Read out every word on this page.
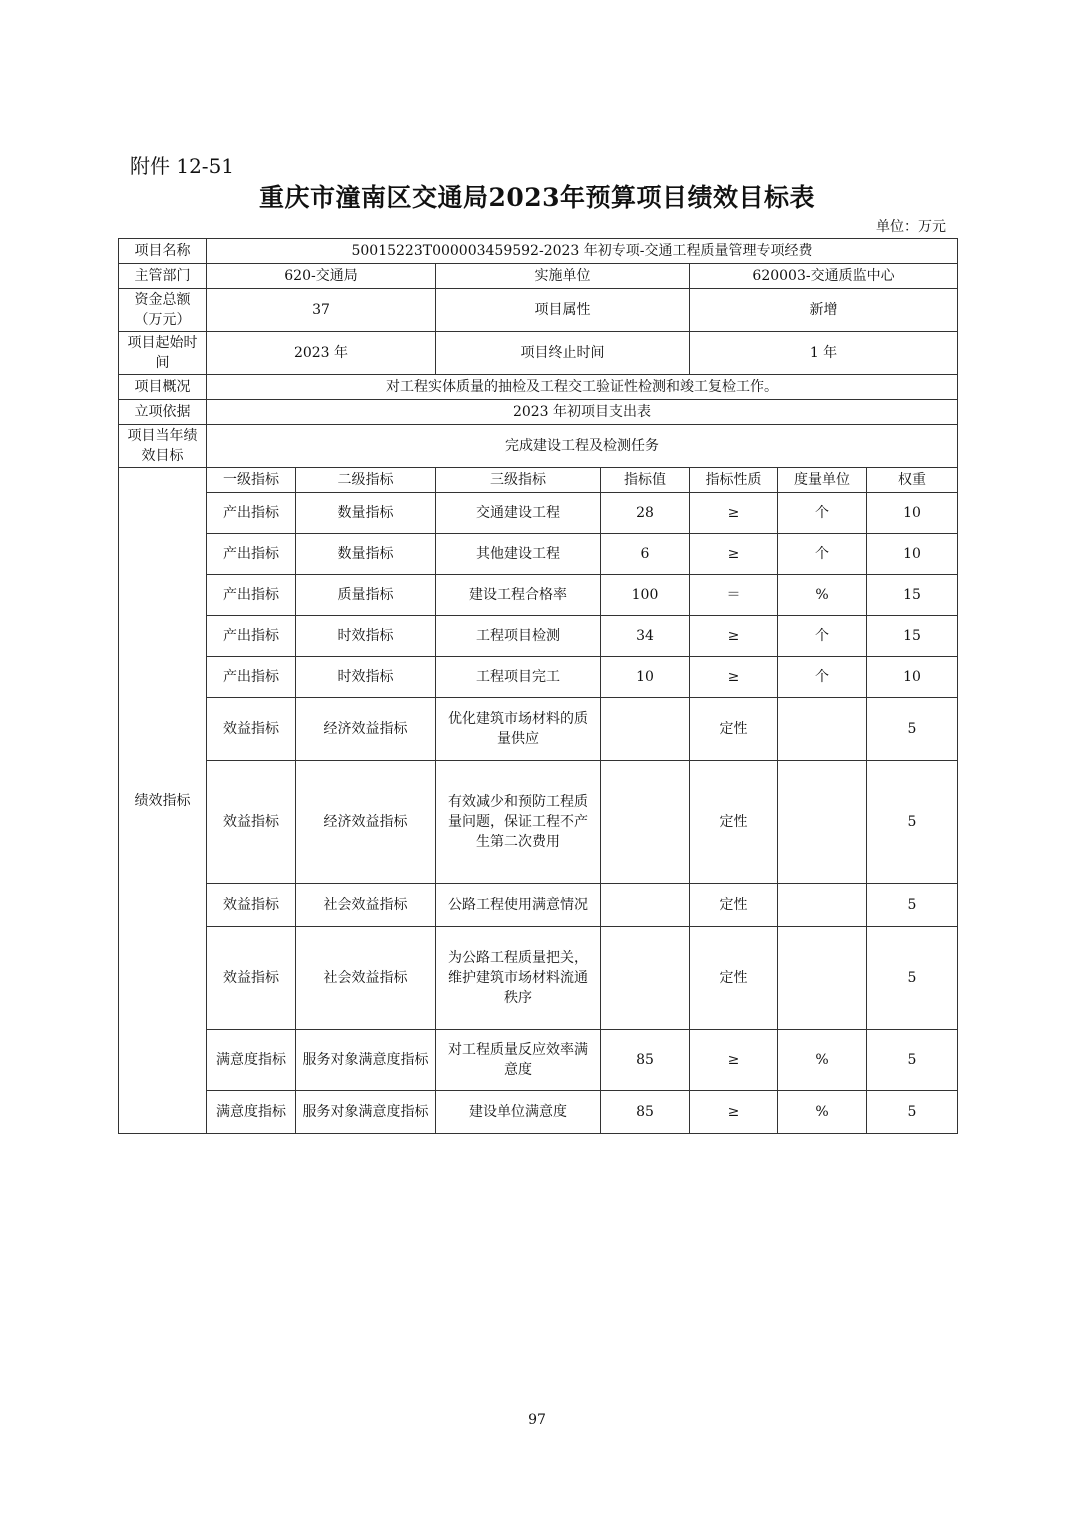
附件 12-51
重庆市潼南区交通局2023年预算项目绩效目标表
单位：万元
项目名称	50015223T000003459592-2023 年初专项-交通工程质量管理专项经费						
主管部门	620-交通局		实施单位		620003-交通质监中心		
资金总额（万元）	37		项目属性		新增		
项目起始时间	2023 年		项目终止时间		1 年		
项目概况	对工程实体质量的抽检及工程交工验证性检测和竣工复检工作。						
立项依据	2023 年初项目支出表						
项目当年绩效目标	完成建设工程及检测任务						
绩效指标	一级指标	二级指标	三级指标	指标值	指标性质	度量单位	权重
	产出指标	数量指标	交通建设工程	28	≥	个	10
	产出指标	数量指标	其他建设工程	6	≥	个	10
	产出指标	质量指标	建设工程合格率	100	＝	%	15
	产出指标	时效指标	工程项目检测	34	≥	个	15
	产出指标	时效指标	工程项目完工	10	≥	个	10
	效益指标	经济效益指标	优化建筑市场材料的质量供应		定性		5
	效益指标	经济效益指标	有效减少和预防工程质量问题，保证工程不产生第二次费用		定性		5
	效益指标	社会效益指标	公路工程使用满意情况		定性		5
	效益指标	社会效益指标	为公路工程质量把关，维护建筑市场材料流通秩序		定性		5
	满意度指标	服务对象满意度指标	对工程质量反应效率满意度	85	≥	%	5
	满意度指标	服务对象满意度指标	建设单位满意度	85	≥	%	5
97
